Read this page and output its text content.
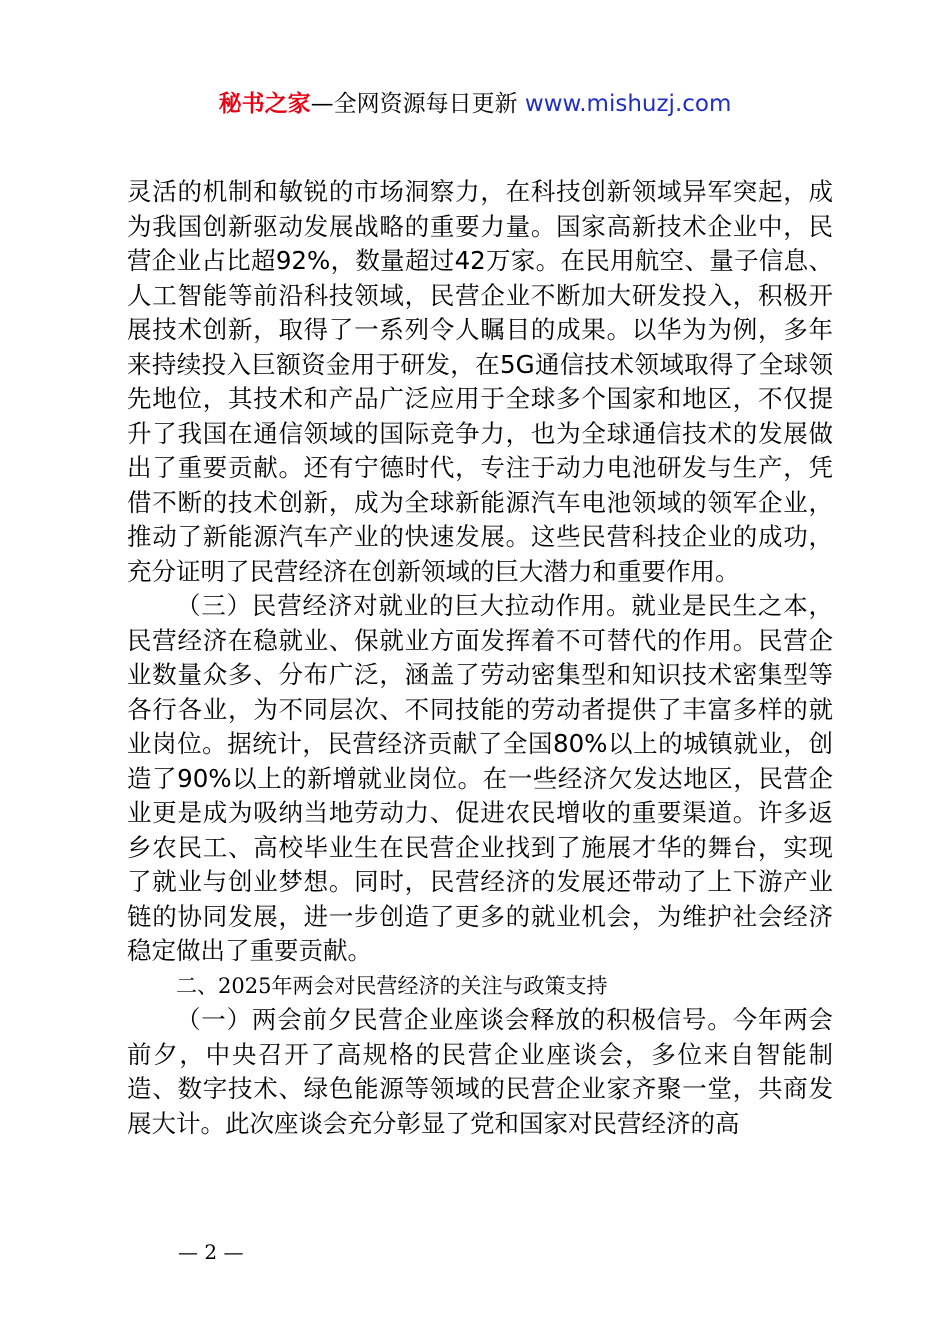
秘书之家—全网资源每日更新 www.mishuzj.com

灵活的机制和敏锐的市场洞察力，在科技创新领域异军突起，成为我国创新驱动发展战略的重要力量。国家高新技术企业中，民营企业占比超92%，数量超过42万家。在民用航空、量子信息、人工智能等前沿科技领域，民营企业不断加大研发投入，积极开展技术创新，取得了一系列令人瞩目的成果。以华为为例，多年来持续投入巨额资金用于研发，在5G通信技术领域取得了全球领先地位，其技术和产品广泛应用于全球多个国家和地区，不仅提升了我国在通信领域的国际竞争力，也为全球通信技术的发展做出了重要贡献。还有宁德时代，专注于动力电池研发与生产，凭借不断的技术创新，成为全球新能源汽车电池领域的领军企业，推动了新能源汽车产业的快速发展。这些民营科技企业的成功，充分证明了民营经济在创新领域的巨大潜力和重要作用。

（三）民营经济对就业的巨大拉动作用。就业是民生之本，民营经济在稳就业、保就业方面发挥着不可替代的作用。民营企业数量众多、分布广泛，涵盖了劳动密集型和知识技术密集型等各行各业，为不同层次、不同技能的劳动者提供了丰富多样的就业岗位。据统计，民营经济贡献了全国80%以上的城镇就业，创造了90%以上的新增就业岗位。在一些经济欠发达地区，民营企业更是成为吸纳当地劳动力、促进农民增收的重要渠道。许多返乡农民工、高校毕业生在民营企业找到了施展才华的舞台，实现了就业与创业梦想。同时，民营经济的发展还带动了上下游产业链的协同发展，进一步创造了更多的就业机会，为维护社会经济稳定做出了重要贡献。

二、2025年两会对民营经济的关注与政策支持

（一）两会前夕民营企业座谈会释放的积极信号。今年两会前夕，中央召开了高规格的民营企业座谈会，多位来自智能制造、数字技术、绿色能源等领域的民营企业家齐聚一堂，共商发展大计。此次座谈会充分彰显了党和国家对民营经济的高

— 2 —
